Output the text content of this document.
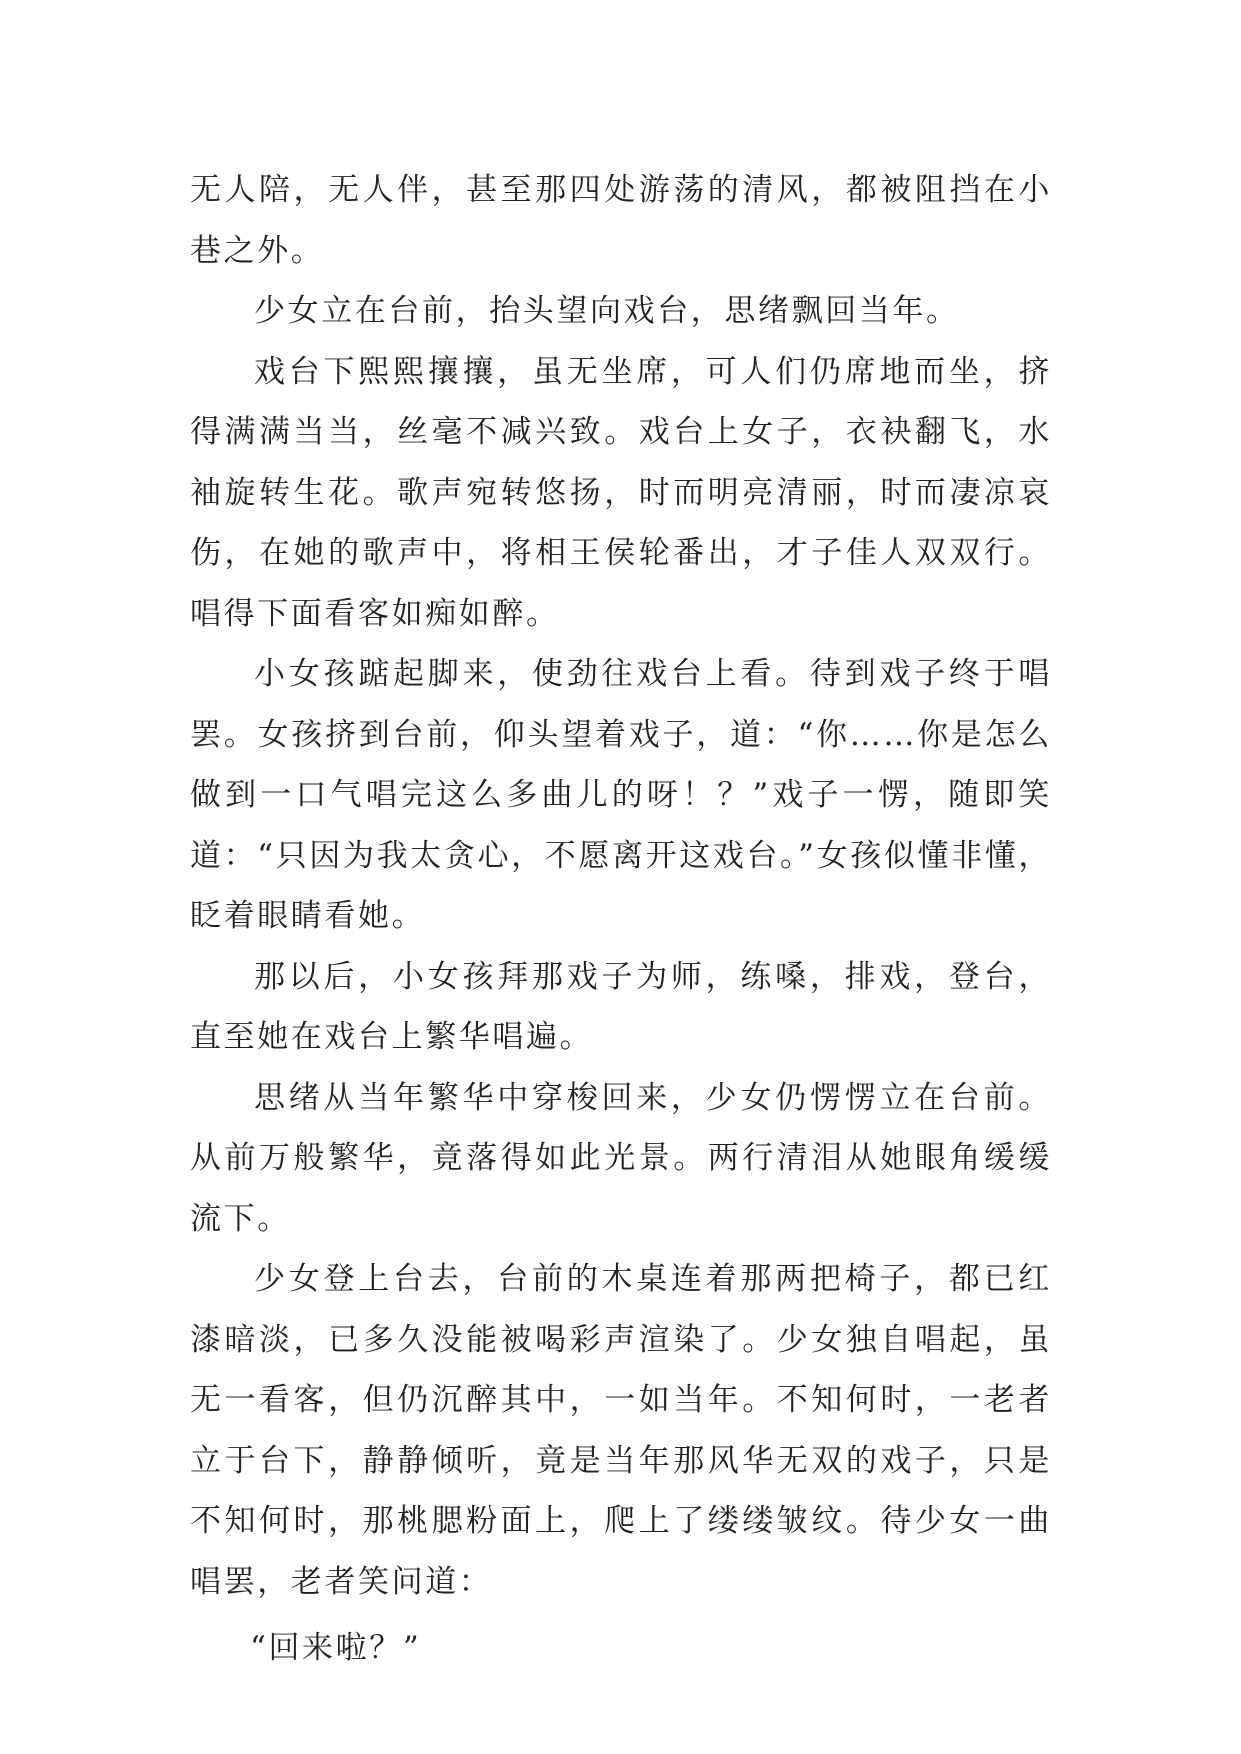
无人陪，无人伴，甚至那四处游荡的清风，都被阻挡在小巷之外。

少女立在台前，抬头望向戏台，思绪飘回当年。

戏台下熙熙攘攘，虽无坐席，可人们仍席地而坐，挤得满满当当，丝毫不减兴致。戏台上女子，衣袂翻飞，水袖旋转生花。歌声宛转悠扬，时而明亮清丽，时而凄凉哀伤，在她的歌声中，将相王侯轮番出，才子佳人双双行。唱得下面看客如痴如醉。

小女孩踮起脚来，使劲往戏台上看。待到戏子终于唱罢。女孩挤到台前，仰头望着戏子，道：“你……你是怎么做到一口气唱完这么多曲儿的呀！？”戏子一愣，随即笑道：“只因为我太贪心，不愿离开这戏台。”女孩似懂非懂，眨着眼睛看她。

那以后，小女孩拜那戏子为师，练嗓，排戏，登台，直至她在戏台上繁华唱遍。

思绪从当年繁华中穿梭回来，少女仍愣愣立在台前。从前万般繁华，竟落得如此光景。两行清泪从她眼角缓缓流下。

少女登上台去，台前的木桌连着那两把椅子，都已红漆暗淡，已多久没能被喝彩声渲染了。少女独自唱起，虽无一看客，但仍沉醉其中，一如当年。不知何时，一老者立于台下，静静倾听，竟是当年那风华无双的戏子，只是不知何时，那桃腮粉面上，爬上了缕缕皱纹。待少女一曲唱罢，老者笑问道：

“回来啦？”
